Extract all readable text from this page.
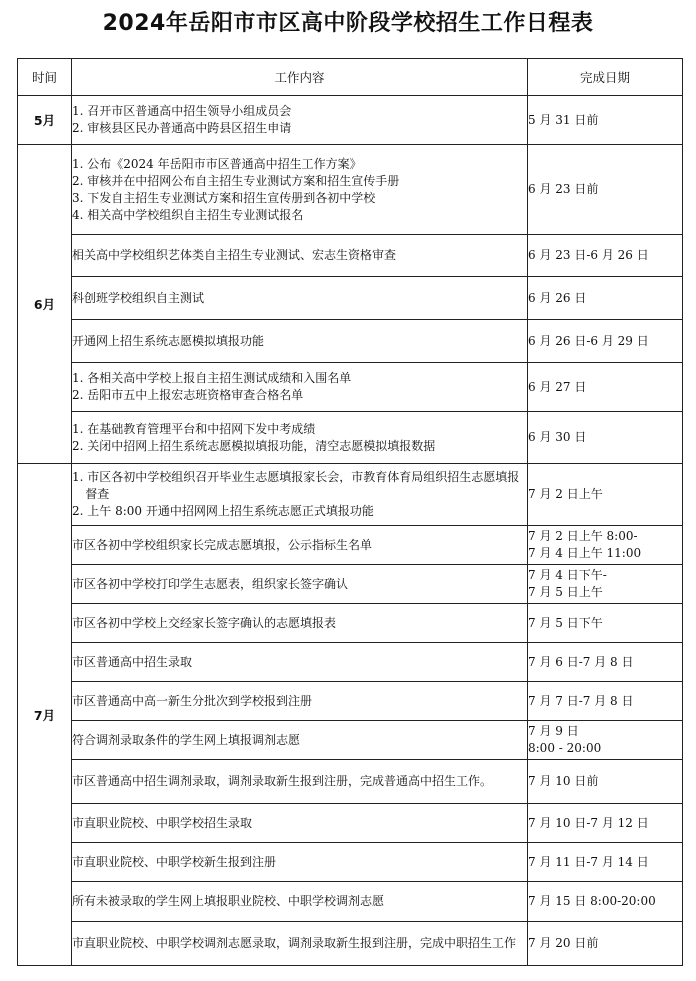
2024年岳阳市市区高中阶段学校招生工作日程表
时间	工作内容	完成日期
5月	1. 召开市区普通高中招生领导小组成员会
2. 审核县区民办普通高中跨县区招生申请	5 月 31 日前

6月	1. 公布《2024 年岳阳市市区普通高中招生工作方案》
2. 审核并在中招网公布自主招生专业测试方案和招生宣传手册
3. 下发自主招生专业测试方案和招生宣传册到各初中学校
4. 相关高中学校组织自主招生专业测试报名	6 月 23 日前

	相关高中学校组织艺体类自主招生专业测试、宏志生资格审查	6 月 23 日-6 月 26 日

	科创班学校组织自主测试	6 月 26 日

	开通网上招生系统志愿模拟填报功能	6 月 26 日-6 月 29 日

	1. 各相关高中学校上报自主招生测试成绩和入围名单
2. 岳阳市五中上报宏志班资格审查合格名单	6 月 27 日

	1. 在基础教育管理平台和中招网下发中考成绩
2. 关闭中招网上招生系统志愿模拟填报功能，清空志愿模拟填报数据	6 月 30 日

7月	1. 市区各初中学校组织召开毕业生志愿填报家长会，市教育体育局组织招生志愿填报督查
2. 上午 8:00 开通中招网网上招生系统志愿正式填报功能	7 月 2 日上午

	市区各初中学校组织家长完成志愿填报，公示指标生名单	7 月 2 日上午 8:00-
7 月 4 日上午 11:00

	市区各初中学校打印学生志愿表，组织家长签字确认	7 月 4 日下午-
7 月 5 日上午

	市区各初中学校上交经家长签字确认的志愿填报表	7 月 5 日下午

	市区普通高中招生录取	7 月 6 日-7 月 8 日

	市区普通高中高一新生分批次到学校报到注册	7 月 7 日-7 月 8 日

	符合调剂录取条件的学生网上填报调剂志愿	7 月 9 日
8:00 - 20:00

	市区普通高中招生调剂录取，调剂录取新生报到注册，完成普通高中招生工作。	7 月 10 日前

	市直职业院校、中职学校招生录取	7 月 10 日-7 月 12 日

	市直职业院校、中职学校新生报到注册	7 月 11 日-7 月 14 日

	所有未被录取的学生网上填报职业院校、中职学校调剂志愿	7 月 15 日 8:00-20:00

	市直职业院校、中职学校调剂志愿录取，调剂录取新生报到注册，完成中职招生工作	7 月 20 日前
